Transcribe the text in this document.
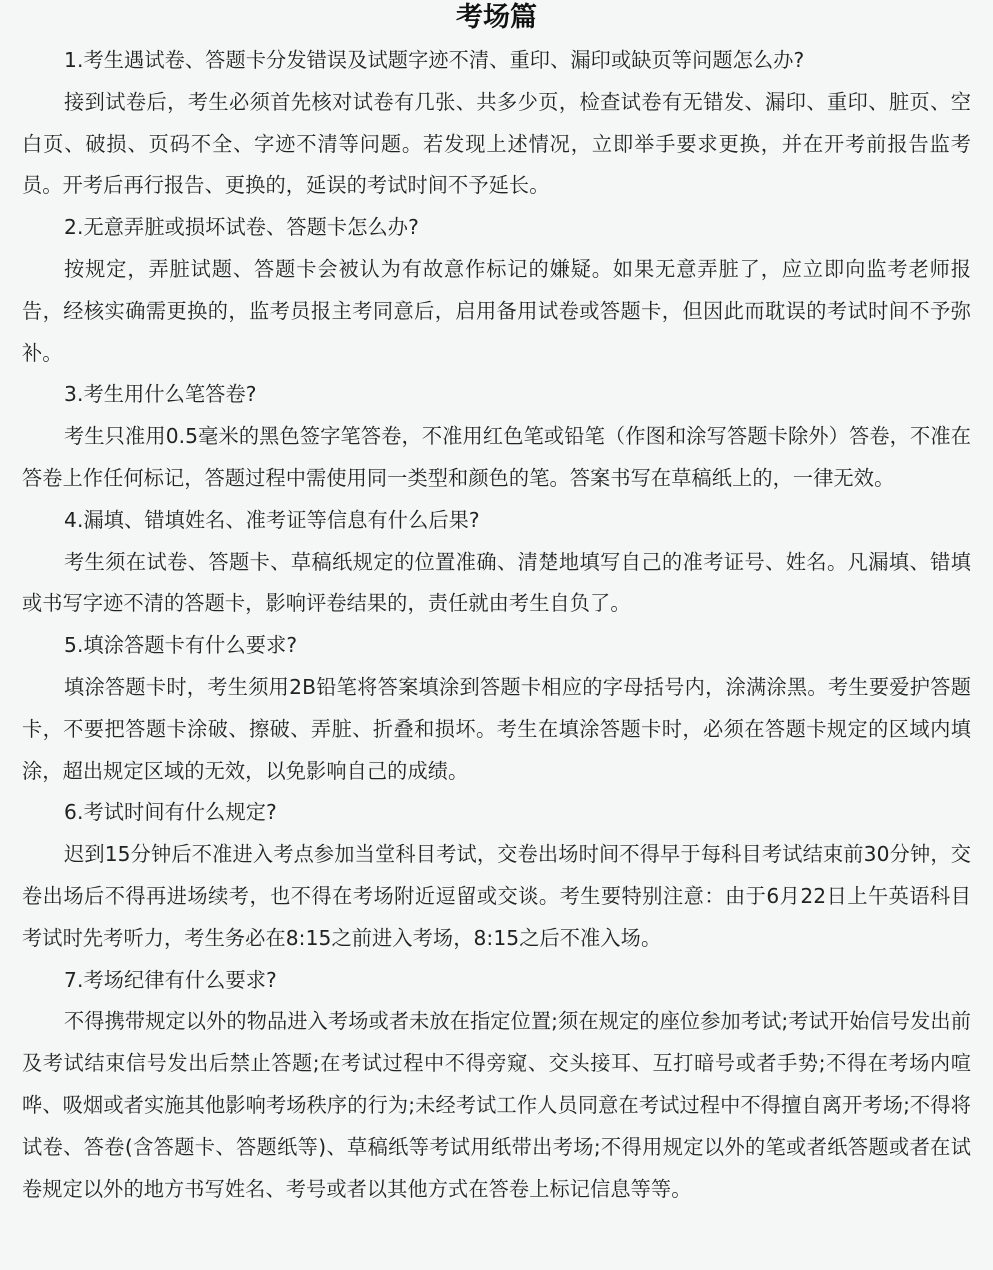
考场篇

1.考生遇试卷、答题卡分发错误及试题字迹不清、重印、漏印或缺页等问题怎么办?

接到试卷后，考生必须首先核对试卷有几张、共多少页，检查试卷有无错发、漏印、重印、脏页、空白页、破损、页码不全、字迹不清等问题。若发现上述情况，立即举手要求更换，并在开考前报告监考员。开考后再行报告、更换的，延误的考试时间不予延长。

2.无意弄脏或损坏试卷、答题卡怎么办?

按规定，弄脏试题、答题卡会被认为有故意作标记的嫌疑。如果无意弄脏了，应立即向监考老师报告，经核实确需更换的，监考员报主考同意后，启用备用试卷或答题卡，但因此而耽误的考试时间不予弥补。

3.考生用什么笔答卷?

考生只准用0.5毫米的黑色签字笔答卷，不准用红色笔或铅笔（作图和涂写答题卡除外）答卷，不准在答卷上作任何标记，答题过程中需使用同一类型和颜色的笔。答案书写在草稿纸上的，一律无效。

4.漏填、错填姓名、准考证等信息有什么后果?

考生须在试卷、答题卡、草稿纸规定的位置准确、清楚地填写自己的准考证号、姓名。凡漏填、错填或书写字迹不清的答题卡，影响评卷结果的，责任就由考生自负了。

5.填涂答题卡有什么要求?

填涂答题卡时，考生须用2B铅笔将答案填涂到答题卡相应的字母括号内，涂满涂黑。考生要爱护答题卡，不要把答题卡涂破、擦破、弄脏、折叠和损坏。考生在填涂答题卡时，必须在答题卡规定的区域内填涂，超出规定区域的无效，以免影响自己的成绩。

6.考试时间有什么规定?

迟到15分钟后不准进入考点参加当堂科目考试，交卷出场时间不得早于每科目考试结束前30分钟，交卷出场后不得再进场续考，也不得在考场附近逗留或交谈。考生要特别注意：由于6月22日上午英语科目考试时先考听力，考生务必在8:15之前进入考场，8:15之后不准入场。

7.考场纪律有什么要求?

不得携带规定以外的物品进入考场或者未放在指定位置;须在规定的座位参加考试;考试开始信号发出前及考试结束信号发出后禁止答题;在考试过程中不得旁窥、交头接耳、互打暗号或者手势;不得在考场内喧哗、吸烟或者实施其他影响考场秩序的行为;未经考试工作人员同意在考试过程中不得擅自离开考场;不得将试卷、答卷(含答题卡、答题纸等)、草稿纸等考试用纸带出考场;不得用规定以外的笔或者纸答题或者在试卷规定以外的地方书写姓名、考号或者以其他方式在答卷上标记信息等等。
